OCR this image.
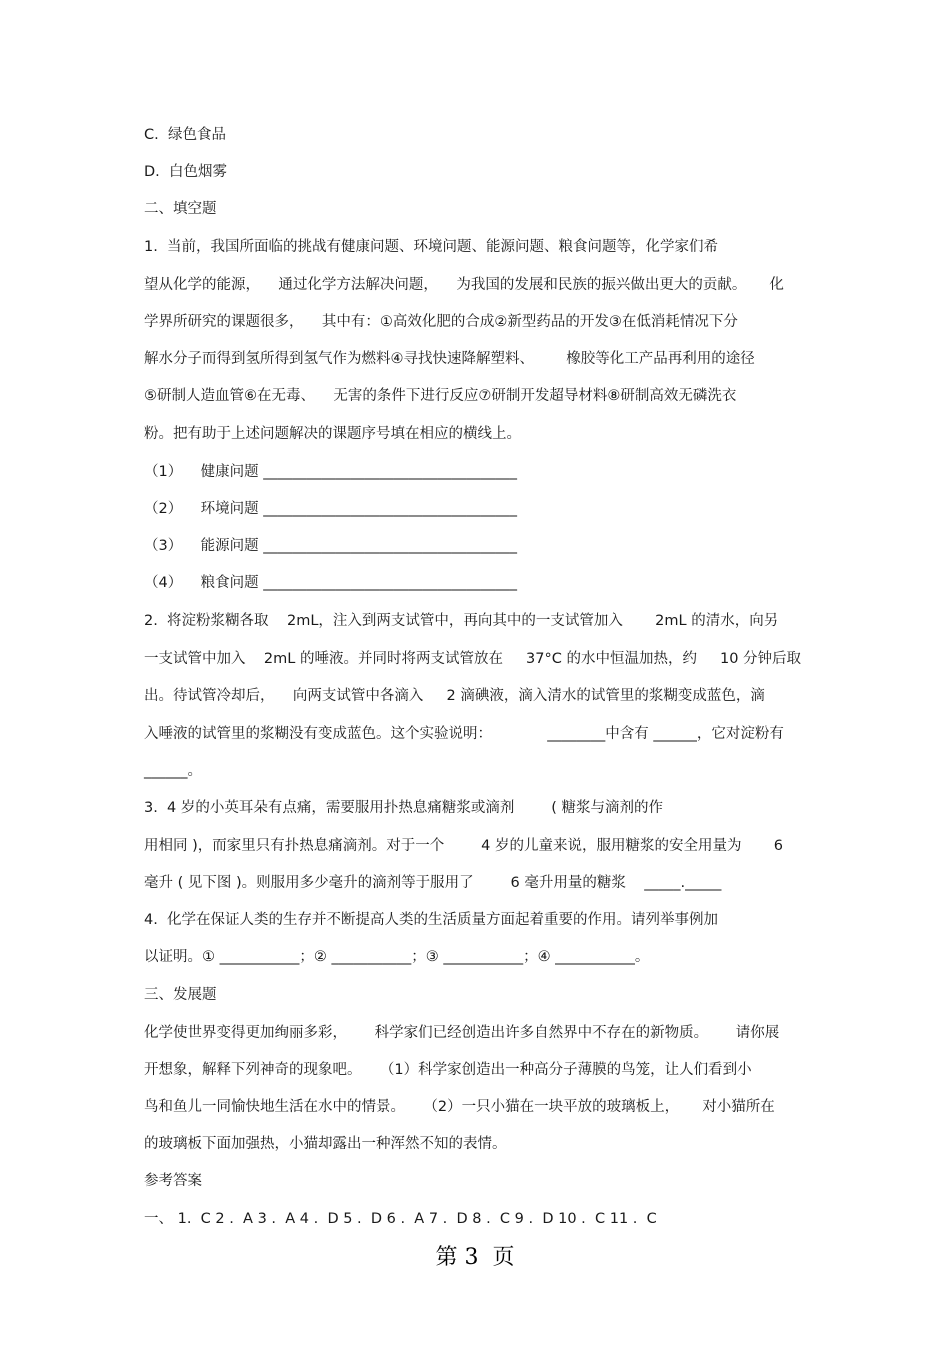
C.  绿色食品

D.  白色烟雾

二、填空题

1.  当前，我国所面临的挑战有健康问题、环境问题、能源问题、粮食问题等，化学家们希

望从化学的能源，    通过化学方法解决问题，    为我国的发展和民族的振兴做出更大的贡献。     化

学界所研究的课题很多，    其中有：①高效化肥的合成②新型药品的开发③在低消耗情况下分

解水分子而得到氢所得到氢气作为燃料④寻找快速降解塑料、       橡胶等化工产品再利用的途径

⑤研制人造血管⑥在无毒、    无害的条件下进行反应⑦研制开发超导材料⑧研制高效无磷洗衣

粉。把有助于上述问题解决的课题序号填在相应的横线上。

（1）    健康问题 ___________________________________

（2）    环境问题 ___________________________________

（3）    能源问题 ___________________________________

（4）    粮食问题 ___________________________________

2.  将淀粉浆糊各取    2mL，注入到两支试管中，再向其中的一支试管加入       2mL 的清水，向另

一支试管中加入    2mL 的唾液。并同时将两支试管放在     37°C 的水中恒温加热，约     10 分钟后取

出。待试管冷却后，    向两支试管中各滴入     2 滴碘液，滴入清水的试管里的浆糊变成蓝色，滴

入唾液的试管里的浆糊没有变成蓝色。这个实验说明：            ________中含有 ______，它对淀粉有

______。

3.  4 岁的小英耳朵有点痛，需要服用扑热息痛糖浆或滴剂        ( 糖浆与滴剂的作

用相同 )，而家里只有扑热息痛滴剂。对于一个        4 岁的儿童来说，服用糖浆的安全用量为       6

毫升 ( 见下图 )。则服用多少毫升的滴剂等于服用了        6 毫升用量的糖浆    _____._____

4.  化学在保证人类的生存并不断提高人类的生活质量方面起着重要的作用。请列举事例加

以证明。① ___________；② ___________；③ ___________；④ ___________。

三、发展题

化学使世界变得更加绚丽多彩，      科学家们已经创造出许多自然界中不存在的新物质。      请你展

开想象，解释下列神奇的现象吧。    （1）科学家创造出一种高分子薄膜的鸟笼，让人们看到小

鸟和鱼儿一同愉快地生活在水中的情景。    （2）一只小猫在一块平放的玻璃板上，     对小猫所在

的玻璃板下面加强热，小猫却露出一种浑然不知的表情。

参考答案

一、 1.  C 2 .  A 3 .  A 4 .  D 5 .  D 6 .  A 7 .  D 8 .  C 9 .  D 10 .  C 11 .  C

第 3  页
